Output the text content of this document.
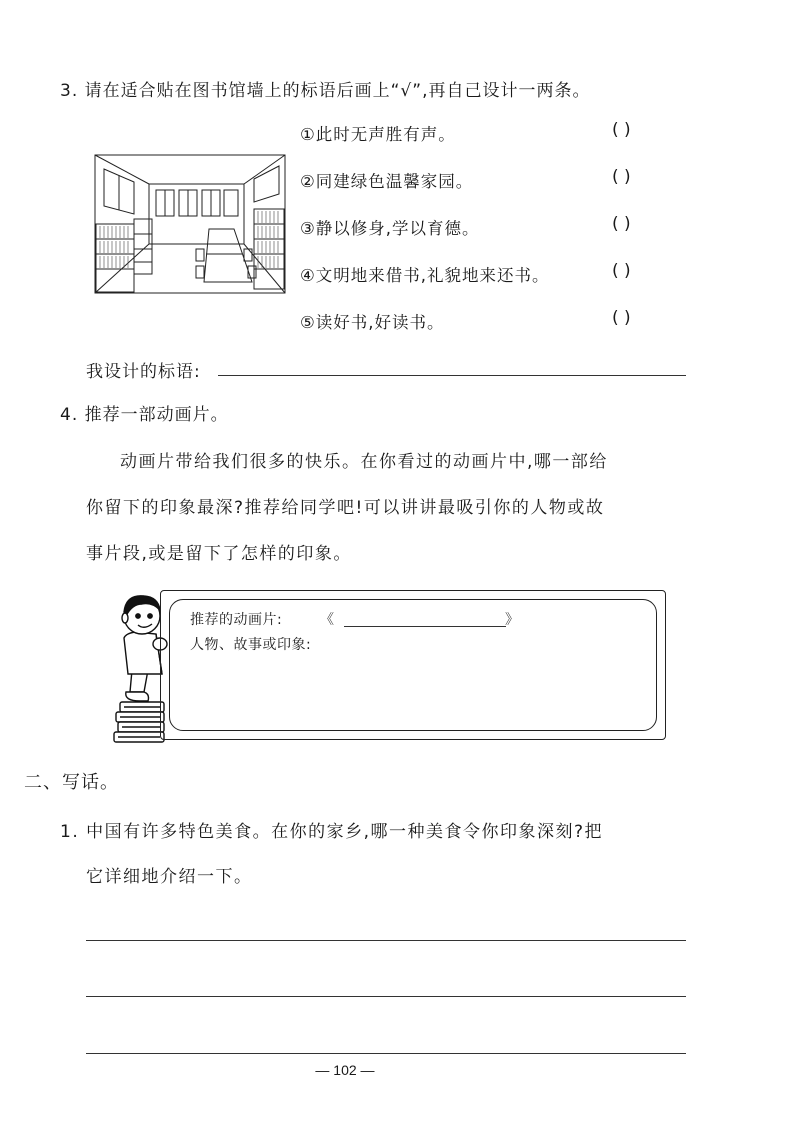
3. 请在适合贴在图书馆墙上的标语后画上“√”,再自己设计一两条。
①此时无声胜有声。	( )
②同建绿色温馨家园。	( )
③静以修身,学以育德。	( )
④文明地来借书,礼貌地来还书。	( )
⑤读好书,好读书。	( )
我设计的标语:
4. 推荐一部动画片。
动画片带给我们很多的快乐。在你看过的动画片中,哪一部给
你留下的印象最深?推荐给同学吧!可以讲讲最吸引你的人物或故
事片段,或是留下了怎样的印象。
推荐的动画片:	《	》
人物、故事或印象:
二、写话。
1. 中国有许多特色美食。在你的家乡,哪一种美食令你印象深刻?把
它详细地介绍一下。
— 102 —
